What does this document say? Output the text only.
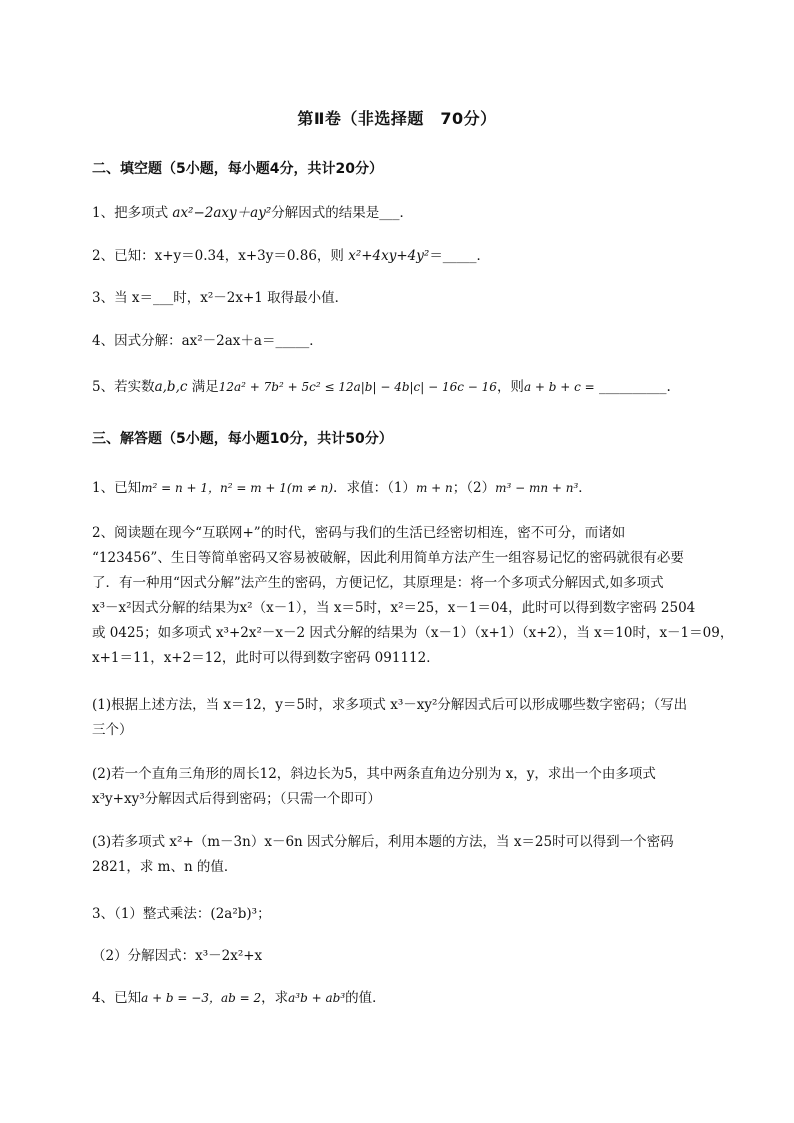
第Ⅱ卷（非选择题　70分）
二、填空题（5小题，每小题4分，共计20分）
1、把多项式 ax²−2axy＋ay²分解因式的结果是___．
2、已知：x+y＝0.34，x+3y＝0.86，则 x²+4xy+4y²＝_____．
3、当 x＝___时，x²－2x+1 取得最小值．
4、因式分解：ax²－2ax＋a＝_____．
5、若实数a,b,c 满足12a² + 7b² + 5c² ≤ 12a|b| − 4b|c| − 16c − 16，则a + b + c = __________.
三、解答题（5小题，每小题10分，共计50分）
1、已知m² = n + 1，n² = m + 1(m ≠ n)．求值：（1）m + n；（2）m³ − mn + n³．
2、阅读题在现今“互联网+”的时代，密码与我们的生活已经密切相连，密不可分，而诸如
“123456”、生日等简单密码又容易被破解，因此利用简单方法产生一组容易记忆的密码就很有必要
了．有一种用“因式分解”法产生的密码，方便记忆，其原理是：将一个多项式分解因式,如多项式
x³－x²因式分解的结果为x²（x－1），当 x＝5时，x²＝25，x－1＝04，此时可以得到数字密码 2504
或 0425；如多项式 x³+2x²－x－2 因式分解的结果为（x－1）（x+1）（x+2），当 x＝10时，x－1＝09，
x+1＝11，x+2＝12，此时可以得到数字密码 091112．
(1)根据上述方法，当 x＝12，y＝5时，求多项式 x³－xy²分解因式后可以形成哪些数字密码；（写出
三个）
(2)若一个直角三角形的周长12，斜边长为5，其中两条直角边分别为 x，y，求出一个由多项式
x³y+xy³分解因式后得到密码；（只需一个即可）
(3)若多项式 x²+（m－3n）x－6n 因式分解后，利用本题的方法，当 x＝25时可以得到一个密码
2821，求 m、n 的值．
3、（1）整式乘法：(2a²b)³；
（2）分解因式：x³－2x²+x
4、已知a + b = −3，ab = 2，求a³b + ab³的值．
